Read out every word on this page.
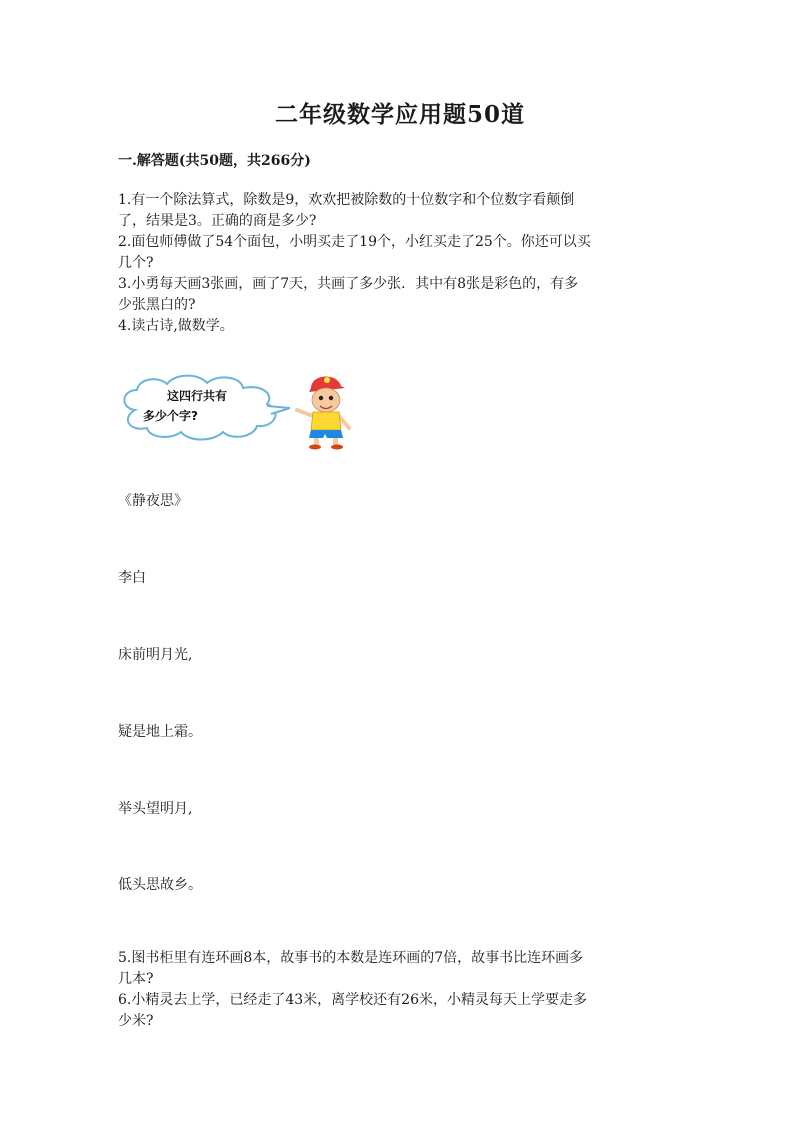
二年级数学应用题50道
一.解答题(共50题，共266分)

1.有一个除法算式，除数是9，欢欢把被除数的十位数字和个位数字看颠倒

了，结果是3。正确的商是多少?

2.面包师傅做了54个面包，小明买走了19个，小红买走了25个。你还可以买

几个?

3.小勇每天画3张画，画了7天，共画了多少张．其中有8张是彩色的，有多

少张黑白的?

4.读古诗,做数学。

这四行共有
多少个字?

《静夜思》

李白

床前明月光,

疑是地上霜。

举头望明月,

低头思故乡。

5.图书柜里有连环画8本，故事书的本数是连环画的7倍，故事书比连环画多

几本?

6.小精灵去上学，已经走了43米，离学校还有26米，小精灵每天上学要走多

少米?
